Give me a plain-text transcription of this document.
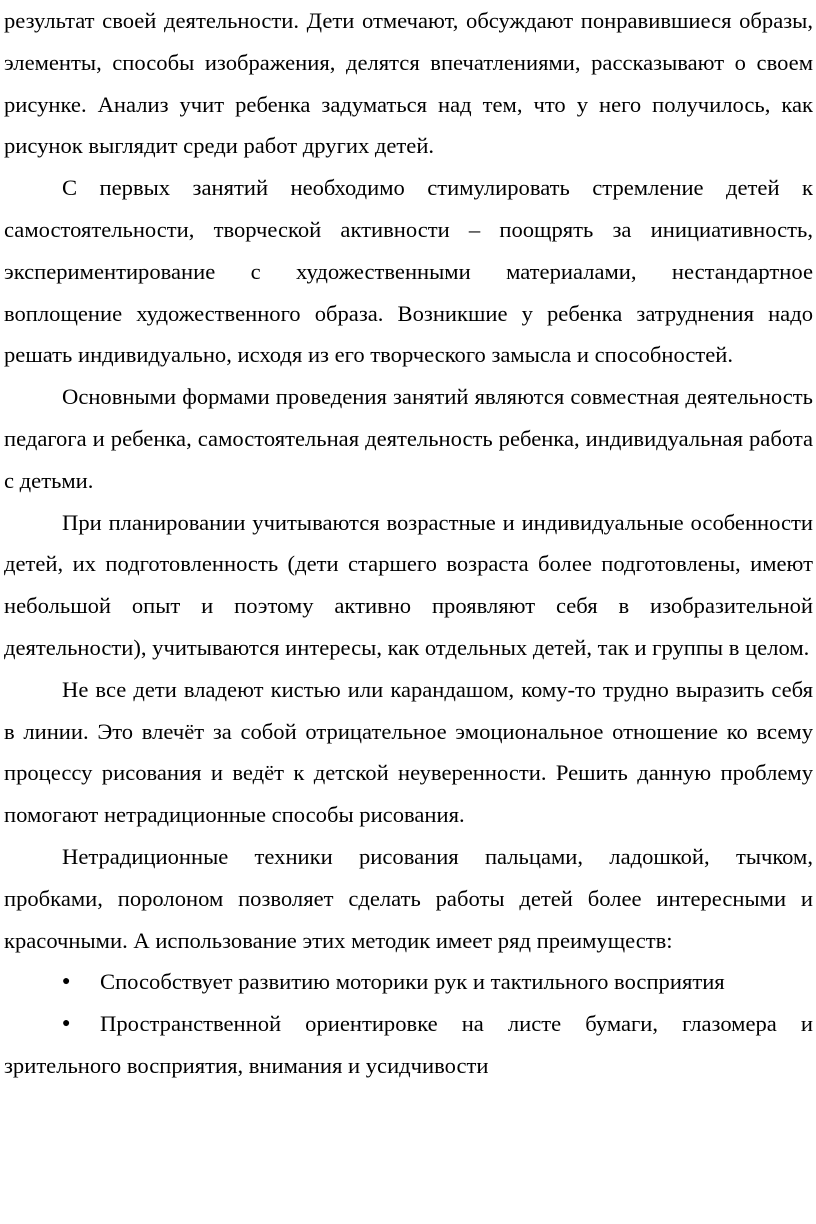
результат своей деятельности. Дети отмечают, обсуждают понравившиеся образы, элементы, способы изображения, делятся впечатлениями, рассказывают о своем рисунке. Анализ учит ребенка задуматься над тем, что у него получилось, как рисунок выглядит среди работ других детей.

С первых занятий необходимо стимулировать стремление детей к самостоятельности, творческой активности – поощрять за инициативность, экспериментирование с художественными материалами, нестандартное воплощение художественного образа. Возникшие у ребенка затруднения надо решать индивидуально, исходя из его творческого замысла и способностей.

Основными формами проведения занятий являются совместная деятельность педагога и ребенка, самостоятельная деятельность ребенка, индивидуальная работа с детьми.

При планировании учитываются возрастные и индивидуальные особенности детей, их подготовленность (дети старшего возраста более подготовлены, имеют небольшой опыт и поэтому активно проявляют себя в изобразительной деятельности), учитываются интересы, как отдельных детей, так и группы в целом.

Не все дети владеют кистью или карандашом, кому-то трудно выразить себя в линии. Это влечёт за собой отрицательное эмоциональное отношение ко всему процессу рисования и ведёт к детской неуверенности. Решить данную проблему помогают нетрадиционные способы рисования.

Нетрадиционные техники рисования пальцами, ладошкой, тычком, пробками, поролоном позволяет сделать работы детей более интересными и красочными. А использование этих методик имеет ряд преимуществ:

● Способствует развитию моторики рук и тактильного восприятия
● Пространственной ориентировке на листе бумаги, глазомера и зрительного восприятия, внимания и усидчивости
